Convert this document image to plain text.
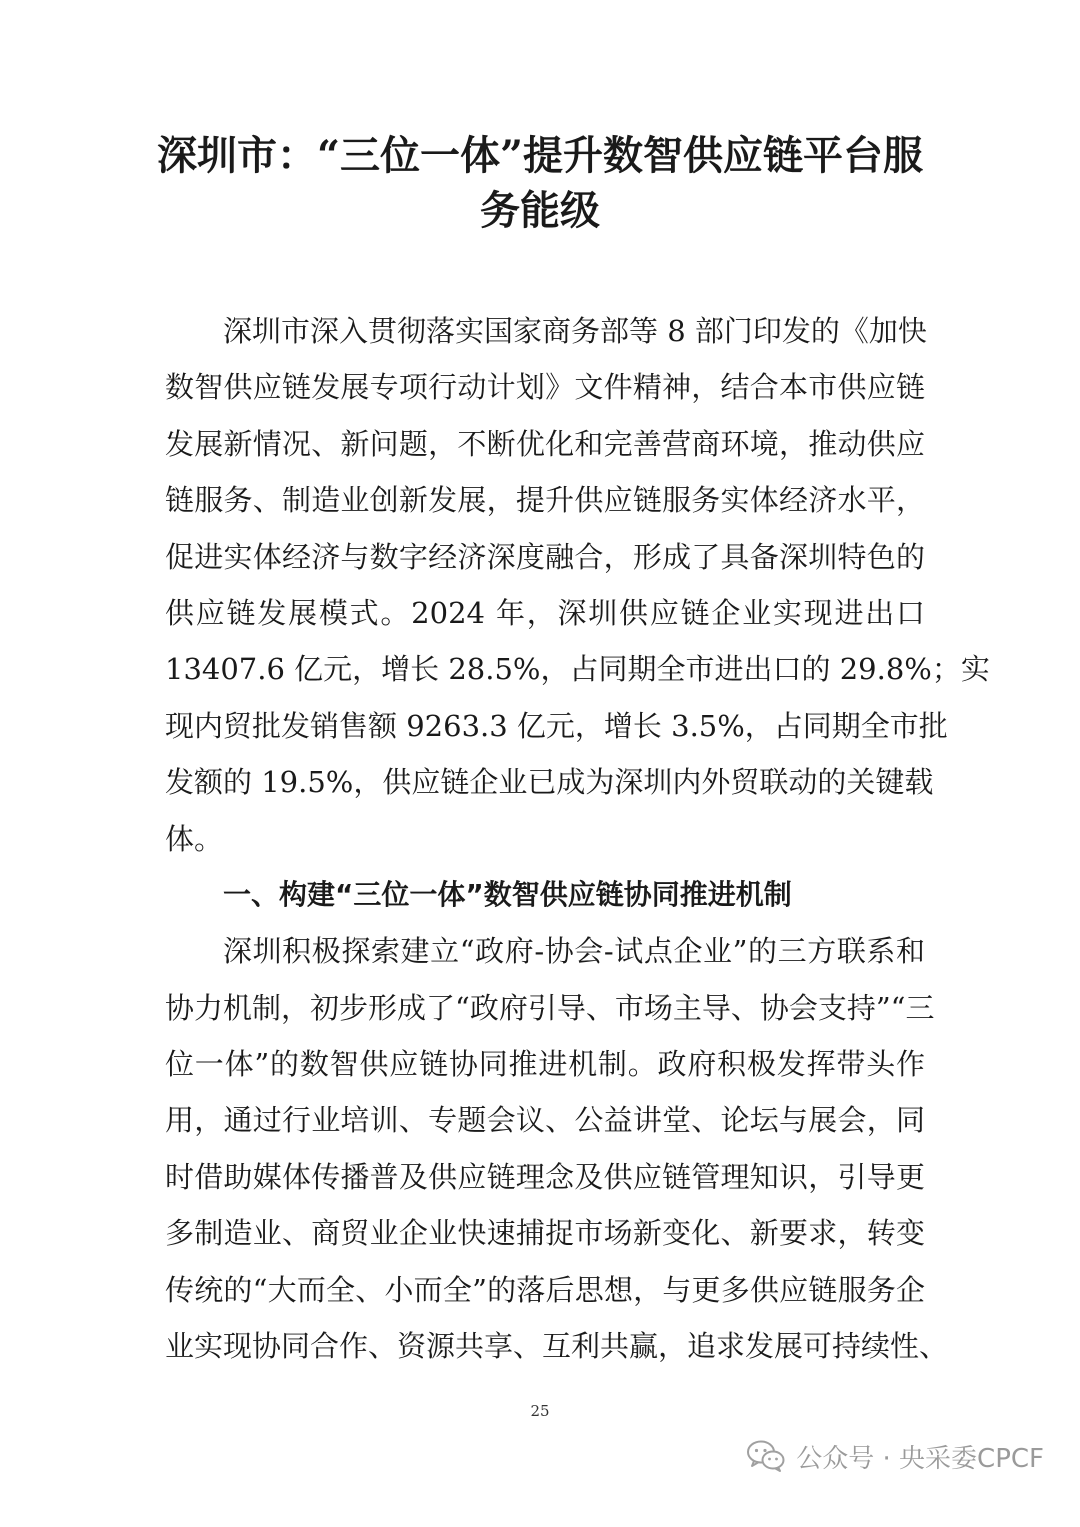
深圳市：“三位一体”提升数智供应链平台服
务能级
深圳市深入贯彻落实国家商务部等 8 部门印发的《加快
数智供应链发展专项行动计划》文件精神，结合本市供应链
发展新情况、新问题，不断优化和完善营商环境，推动供应
链服务、制造业创新发展，提升供应链服务实体经济水平，
促进实体经济与数字经济深度融合，形成了具备深圳特色的
供应链发展模式。2024 年，深圳供应链企业实现进出口
13407.6 亿元，增长 28.5%，占同期全市进出口的 29.8%；实
现内贸批发销售额 9263.3 亿元，增长 3.5%，占同期全市批
发额的 19.5%，供应链企业已成为深圳内外贸联动的关键载
体。
一、构建“三位一体”数智供应链协同推进机制
深圳积极探索建立“政府-协会-试点企业”的三方联系和
协力机制，初步形成了“政府引导、市场主导、协会支持”“三
位一体”的数智供应链协同推进机制。政府积极发挥带头作
用，通过行业培训、专题会议、公益讲堂、论坛与展会，同
时借助媒体传播普及供应链理念及供应链管理知识，引导更
多制造业、商贸业企业快速捕捉市场新变化、新要求，转变
传统的“大而全、小而全”的落后思想，与更多供应链服务企
业实现协同合作、资源共享、互利共赢，追求发展可持续性、
25
公众号 · 央采委CPCF
